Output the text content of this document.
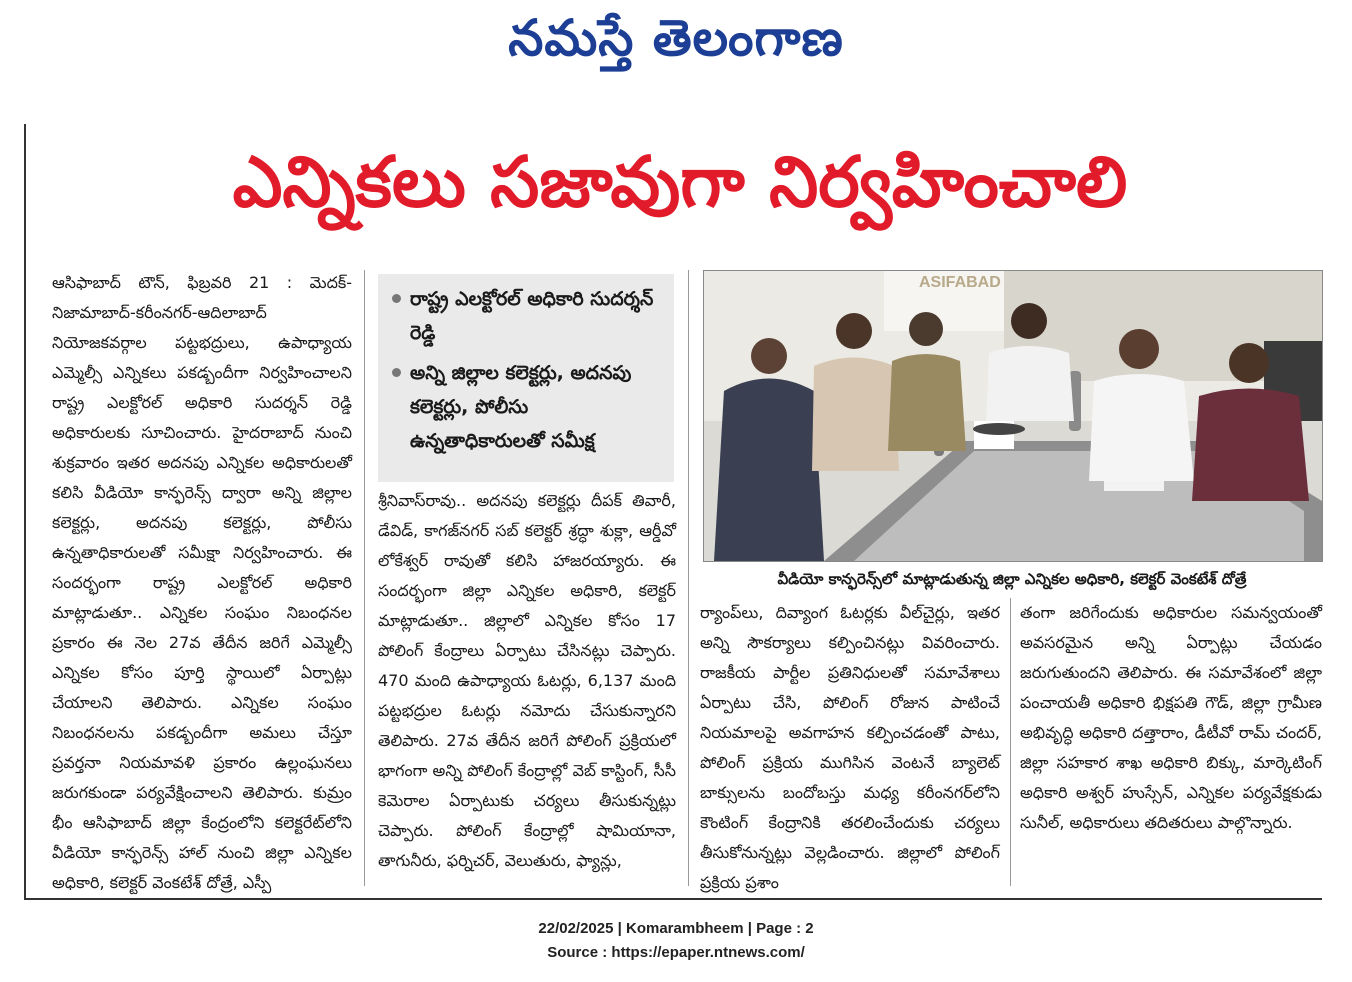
నమస్తే తెలంగాణ
ఎన్నికలు సజావుగా నిర్వహించాలి

ఆసిఫాబాద్ టౌన్, ఫిబ్రవరి 21 : మెదక్-నిజామాబాద్-కరీంనగర్-ఆదిలాబాద్ నియోజకవర్గాల పట్టభద్రులు, ఉపాధ్యాయ ఎమ్మెల్సీ ఎన్నికలు పకడ్బందీగా నిర్వహించాలని రాష్ట్ర ఎలక్టోరల్ అధికారి సుదర్శన్ రెడ్డి అధికారులకు సూచించారు. హైదరాబాద్ నుంచి శుక్రవారం ఇతర అదనపు ఎన్నికల అధికారులతో కలిసి వీడియో కాన్ఫరెన్స్ ద్వారా అన్ని జిల్లాల కలెక్టర్లు, అదనపు కలెక్టర్లు, పోలీసు ఉన్నతాధికారులతో సమీక్షా నిర్వహించారు. ఈ సందర్భంగా రాష్ట్ర ఎలక్టోరల్ అధికారి మాట్లాడుతూ.. ఎన్నికల సంఘం నిబంధనల ప్రకారం ఈ నెల 27వ తేదీన జరిగే ఎమ్మెల్సీ ఎన్నికల కోసం పూర్తి స్థాయిలో ఏర్పాట్లు చేయాలని తెలిపారు. ఎన్నికల సంఘం నిబంధనలను పకడ్బందీగా అమలు చేస్తూ ప్రవర్తనా నియమావళి ప్రకారం ఉల్లంఘనలు జరుగకుండా పర్యవేక్షించాలని తెలిపారు. కుమ్రం భీం ఆసిఫాబాద్ జిల్లా కేంద్రంలోని కలెక్టరేట్‌లోని వీడియో కాన్ఫరెన్స్ హాల్ నుంచి జిల్లా ఎన్నికల అధికారి, కలెక్టర్ వెంకటేశ్ దోత్రే, ఎస్పీ

రాష్ట్ర ఎలక్టోరల్ అధికారి సుదర్శన్ రెడ్డి
అన్ని జిల్లాల కలెక్టర్లు, అదనపు కలెక్టర్లు, పోలీసు ఉన్నతాధికారులతో సమీక్ష

శ్రీనివాస్‌రావు.. అదనపు కలెక్టర్లు దీపక్ తివారీ, డేవిడ్, కాగజ్‌నగర్ సబ్ కలెక్టర్ శ్రద్ధా శుక్లా, ఆర్డీవో లోకేశ్వర్ రావుతో కలిసి హాజరయ్యారు. ఈ సందర్భంగా జిల్లా ఎన్నికల అధికారి, కలెక్టర్ మాట్లాడుతూ.. జిల్లాలో ఎన్నికల కోసం 17 పోలింగ్ కేంద్రాలు ఏర్పాటు చేసినట్లు చెప్పారు. 470 మంది ఉపాధ్యాయ ఓటర్లు, 6,137 మంది పట్టభద్రుల ఓటర్లు నమోదు చేసుకున్నారని తెలిపారు. 27వ తేదీన జరిగే పోలింగ్ ప్రక్రియలో భాగంగా అన్ని పోలింగ్ కేంద్రాల్లో వెబ్ కాస్టింగ్, సీసీ కెమెరాల ఏర్పాటుకు చర్యలు తీసుకున్నట్లు చెప్పారు. పోలింగ్ కేంద్రాల్లో షామియానా, తాగునీరు, ఫర్నిచర్, వెలుతురు, ఫ్యాన్లు,

ASIFABAD
వీడియో కాన్ఫరెన్స్‌లో మాట్లాడుతున్న జిల్లా ఎన్నికల అధికారి, కలెక్టర్ వెంకటేశ్ దోత్రే

ర్యాంప్‌లు, దివ్యాంగ ఓటర్లకు వీల్‌చైర్లు, ఇతర అన్ని సౌకర్యాలు కల్పించినట్లు వివరించారు. రాజకీయ పార్టీల ప్రతినిధులతో సమావేశాలు ఏర్పాటు చేసి, పోలింగ్ రోజున పాటించే నియమాలపై అవగాహన కల్పించడంతో పాటు, పోలింగ్ ప్రక్రియ ముగిసిన వెంటనే బ్యాలెట్ బాక్సులను బందోబస్తు మధ్య కరీంనగర్‌లోని కౌంటింగ్ కేంద్రానికి తరలించేందుకు చర్యలు తీసుకోనున్నట్లు వెల్లడించారు. జిల్లాలో పోలింగ్ ప్రక్రియ ప్రశాం

తంగా జరిగేందుకు అధికారుల సమన్వయంతో అవసరమైన అన్ని ఏర్పాట్లు చేయడం జరుగుతుందని తెలిపారు. ఈ సమావేశంలో జిల్లా పంచాయతీ అధికారి భిక్షపతి గౌడ్, జిల్లా గ్రామీణ అభివృద్ధి అధికారి దత్తారాం, డీటీవో రామ్ చందర్, జిల్లా సహకార శాఖ అధికారి బిక్కు, మార్కెటింగ్ అధికారి అశ్వర్ హుస్సేన్, ఎన్నికల పర్యవేక్షకుడు సునీల్, అధికారులు తదితరులు పాల్గొన్నారు.

22/02/2025 | Komarambheem | Page : 2
Source : https://epaper.ntnews.com/
